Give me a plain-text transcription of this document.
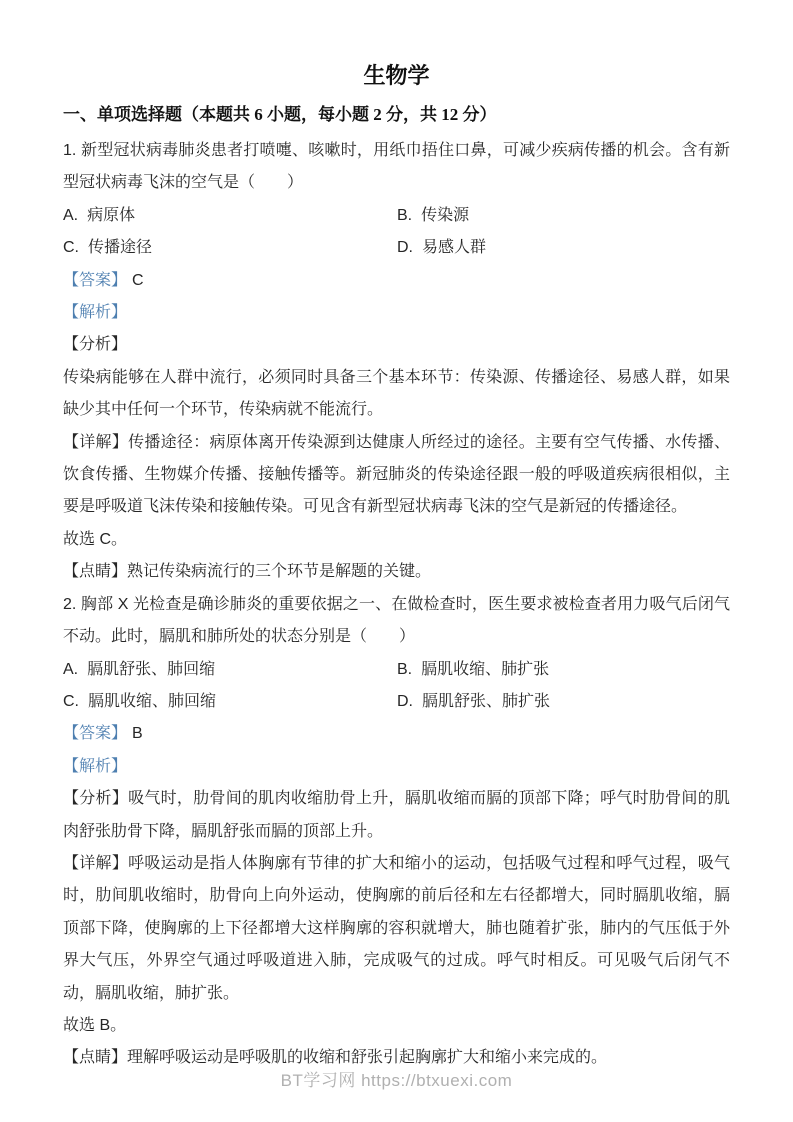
生物学
一、单项选择题（本题共 6 小题，每小题 2 分，共 12 分）

1. 新型冠状病毒肺炎患者打喷嚏、咳嗽时，用纸巾捂住口鼻，可减少疾病传播的机会。含有新型冠状病毒飞沫的空气是（　　）

A. 病原体	B. 传染源
C. 传播途径	D. 易感人群

【答案】 C

【解析】

【分析】

传染病能够在人群中流行，必须同时具备三个基本环节：传染源、传播途径、易感人群，如果缺少其中任何一个环节，传染病就不能流行。

【详解】传播途径：病原体离开传染源到达健康人所经过的途径。主要有空气传播、水传播、饮食传播、生物媒介传播、接触传播等。新冠肺炎的传染途径跟一般的呼吸道疾病很相似，主要是呼吸道飞沫传染和接触传染。可见含有新型冠状病毒飞沫的空气是新冠的传播途径。

故选 C。

【点睛】熟记传染病流行的三个环节是解题的关键。

2. 胸部 X 光检查是确诊肺炎的重要依据之一、在做检查时，医生要求被检查者用力吸气后闭气不动。此时，膈肌和肺所处的状态分别是（　　）

A. 膈肌舒张、肺回缩	B. 膈肌收缩、肺扩张
C. 膈肌收缩、肺回缩	D. 膈肌舒张、肺扩张

【答案】 B

【解析】

【分析】吸气时，肋骨间的肌肉收缩肋骨上升，膈肌收缩而膈的顶部下降；呼气时肋骨间的肌肉舒张肋骨下降，膈肌舒张而膈的顶部上升。

【详解】呼吸运动是指人体胸廓有节律的扩大和缩小的运动，包括吸气过程和呼气过程，吸气时，肋间肌收缩时，肋骨向上向外运动，使胸廓的前后径和左右径都增大，同时膈肌收缩，膈顶部下降，使胸廓的上下径都增大这样胸廓的容积就增大，肺也随着扩张，肺内的气压低于外界大气压，外界空气通过呼吸道进入肺，完成吸气的过成。呼气时相反。可见吸气后闭气不动，膈肌收缩，肺扩张。

故选 B。

【点睛】理解呼吸运动是呼吸肌的收缩和舒张引起胸廓扩大和缩小来完成的。

BT学习网 https://btxuexi.com
